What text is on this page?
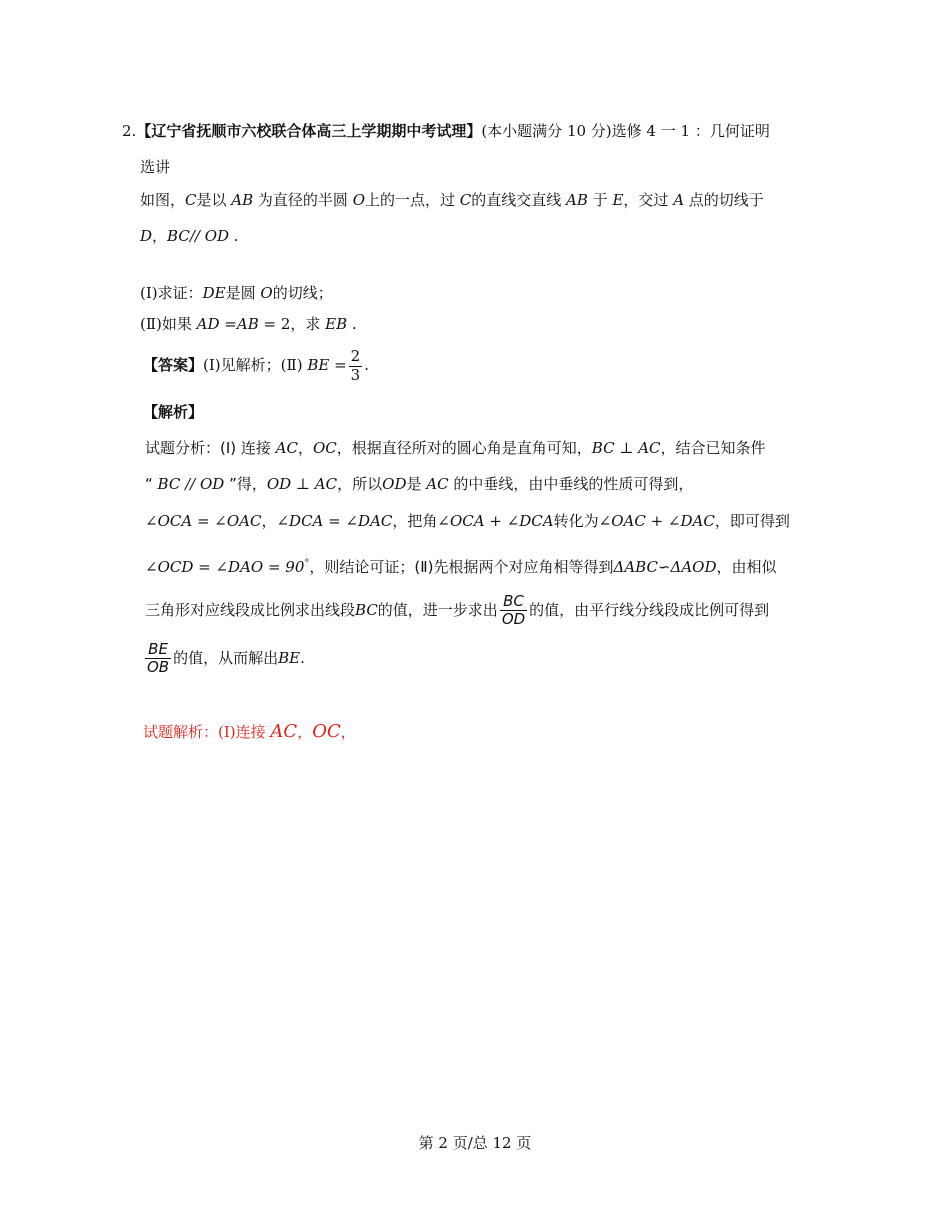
2.【辽宁省抚顺市六校联合体高三上学期期中考试理】(本小题满分 10 分)选修 4 一 1 ：几何证明
选讲
如图，C是以 AB 为直径的半圆 O上的一点，过 C的直线交直线 AB 于 E，交过 A 点的切线于
D，BC// OD .
(Ⅰ)求证：DE是圆 O的切线；
(Ⅱ)如果 AD =AB = 2，求 EB .
【答案】(Ⅰ)见解析；(Ⅱ) BE = $\frac{2}{3}$ .
【解析】
试题分析：(Ⅰ) 连接 AC，OC，根据直径所对的圆心角是直角可知，BC ⊥ AC，结合已知条件
“ BC // OD ”得，OD ⊥ AC，所以OD是 AC 的中垂线，由中垂线的性质可得到，
∠OCA = ∠OAC，∠DCA = ∠DAC，把角∠OCA + ∠DCA转化为∠OAC + ∠DAC，即可得到
∠OCD = ∠DAO = 90°，则结论可证；(Ⅱ)先根据两个对应角相等得到ΔABC∽ΔAOD，由相似
三角形对应线段成比例求出线段BC的值，进一步求出 $\frac{BC}{OD}$ 的值，由平行线分线段成比例可得到
$\frac{BE}{OB}$ 的值，从而解出BE.
试题解析：(Ⅰ)连接 AC，OC，
第 2 页/总 12 页
